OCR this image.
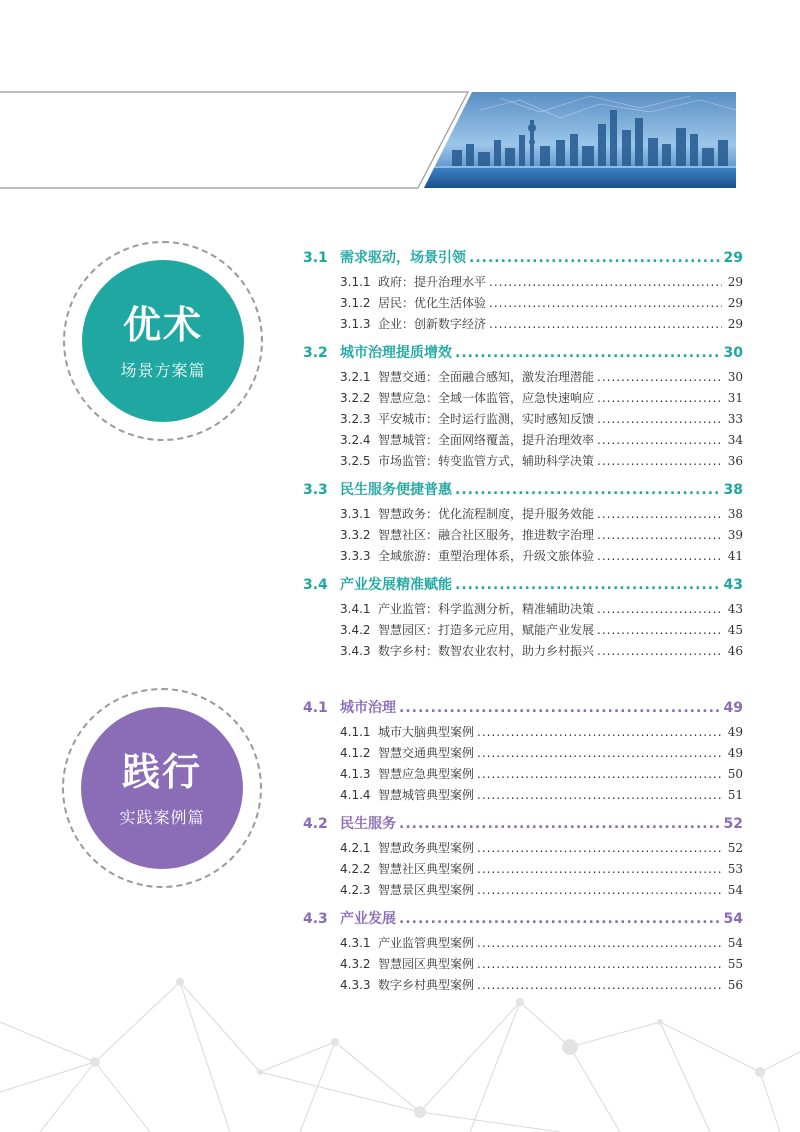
优术
场景方案篇
践行
实践案例篇
3.1 需求驱动，场景引领 .....	29
3.1.1 政府：提升治理水平 .....	29
3.1.2 居民：优化生活体验 .....	29
3.1.3 企业：创新数字经济 .....	29
3.2 城市治理提质增效 .....	30
3.2.1 智慧交通：全面融合感知，激发治理潜能 .....	30
3.2.2 智慧应急：全域一体监管，应急快速响应 .....	31
3.2.3 平安城市：全时运行监测，实时感知反馈 .....	33
3.2.4 智慧城管：全面网络覆盖，提升治理效率 .....	34
3.2.5 市场监管：转变监管方式，辅助科学决策 .....	36
3.3 民生服务便捷普惠 .....	38
3.3.1 智慧政务：优化流程制度，提升服务效能 .....	38
3.3.2 智慧社区：融合社区服务，推进数字治理 .....	39
3.3.3 全域旅游：重塑治理体系，升级文旅体验 .....	41
3.4 产业发展精准赋能 .....	43
3.4.1 产业监管：科学监测分析，精准辅助决策 .....	43
3.4.2 智慧园区：打造多元应用，赋能产业发展 .....	45
3.4.3 数字乡村：数智农业农村，助力乡村振兴 .....	46
4.1 城市治理 .....	49
4.1.1 城市大脑典型案例 .....	49
4.1.2 智慧交通典型案例 .....	49
4.1.3 智慧应急典型案例 .....	50
4.1.4 智慧城管典型案例 .....	51
4.2 民生服务 .....	52
4.2.1 智慧政务典型案例 .....	52
4.2.2 智慧社区典型案例 .....	53
4.2.3 智慧景区典型案例 .....	54
4.3 产业发展 .....	54
4.3.1 产业监管典型案例 .....	54
4.3.2 智慧园区典型案例 .....	55
4.3.3 数字乡村典型案例 .....	56
